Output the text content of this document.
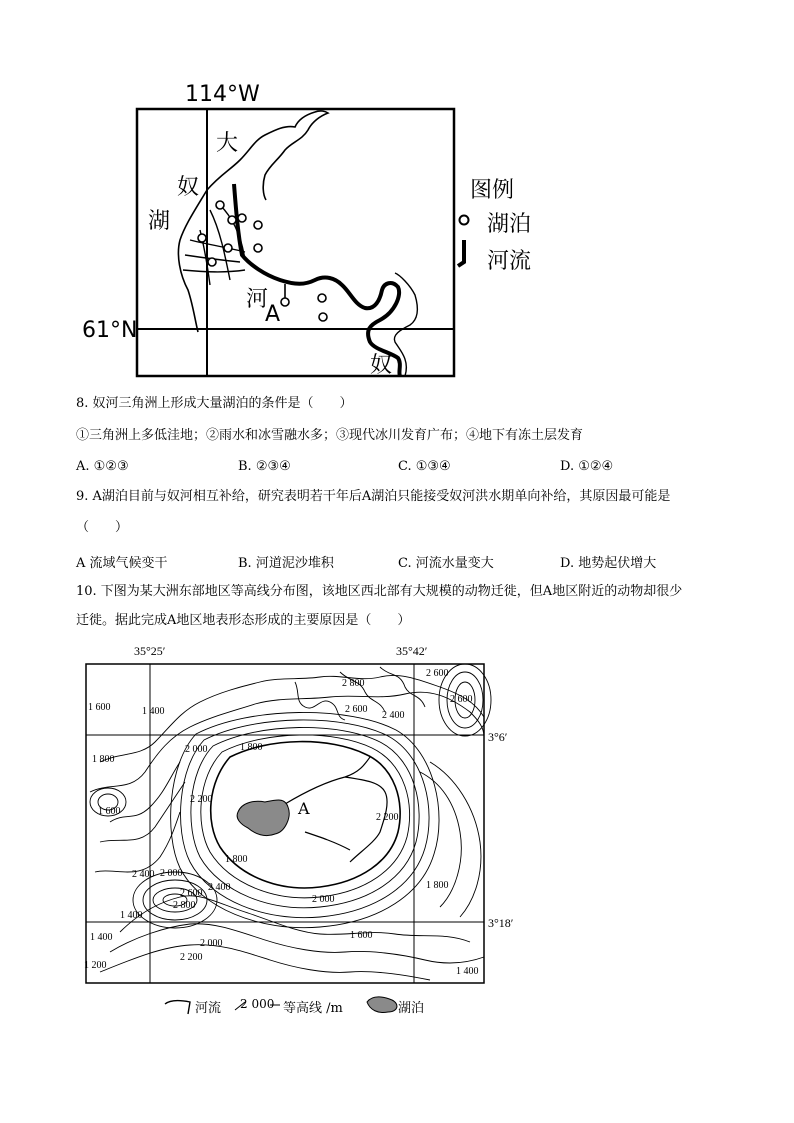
114°W
61°N
大
奴
湖
河
A
奴
图例
湖泊
河流
8. 奴河三角洲上形成大量湖泊的条件是（　　）
①三角洲上多低洼地；②雨水和冰雪融水多；③现代冰川发育广布；④地下有冻土层发育
A. ①②③	B. ②③④	C. ①③④	D. ①②④
9. A湖泊目前与奴河相互补给，研究表明若干年后A湖泊只能接受奴河洪水期单向补给，其原因最可能是
（　　）
A 流域气候变干	B. 河道泥沙堆积	C. 河流水量变大	D. 地势起伏增大
10. 下图为某大洲东部地区等高线分布图，该地区西北部有大规模的动物迁徙，但A地区附近的动物却很少
迁徙。据此完成A地区地表形态形成的主要原因是（　　）
35°25′	35°42′
3°6′
3°18′
A
1 600	1 400
1 800
2 000
2 200
1 800
2 400
2 600
2 800
2 000
2 400
2 600
2 800
2 600
2 200
2 000
1 800
1 600
1 400
1 200
2 200
1 800
1 400
2 400
2 600
2 000
1 600
1 400
河流 2 000 等高线 /m	湖泊
